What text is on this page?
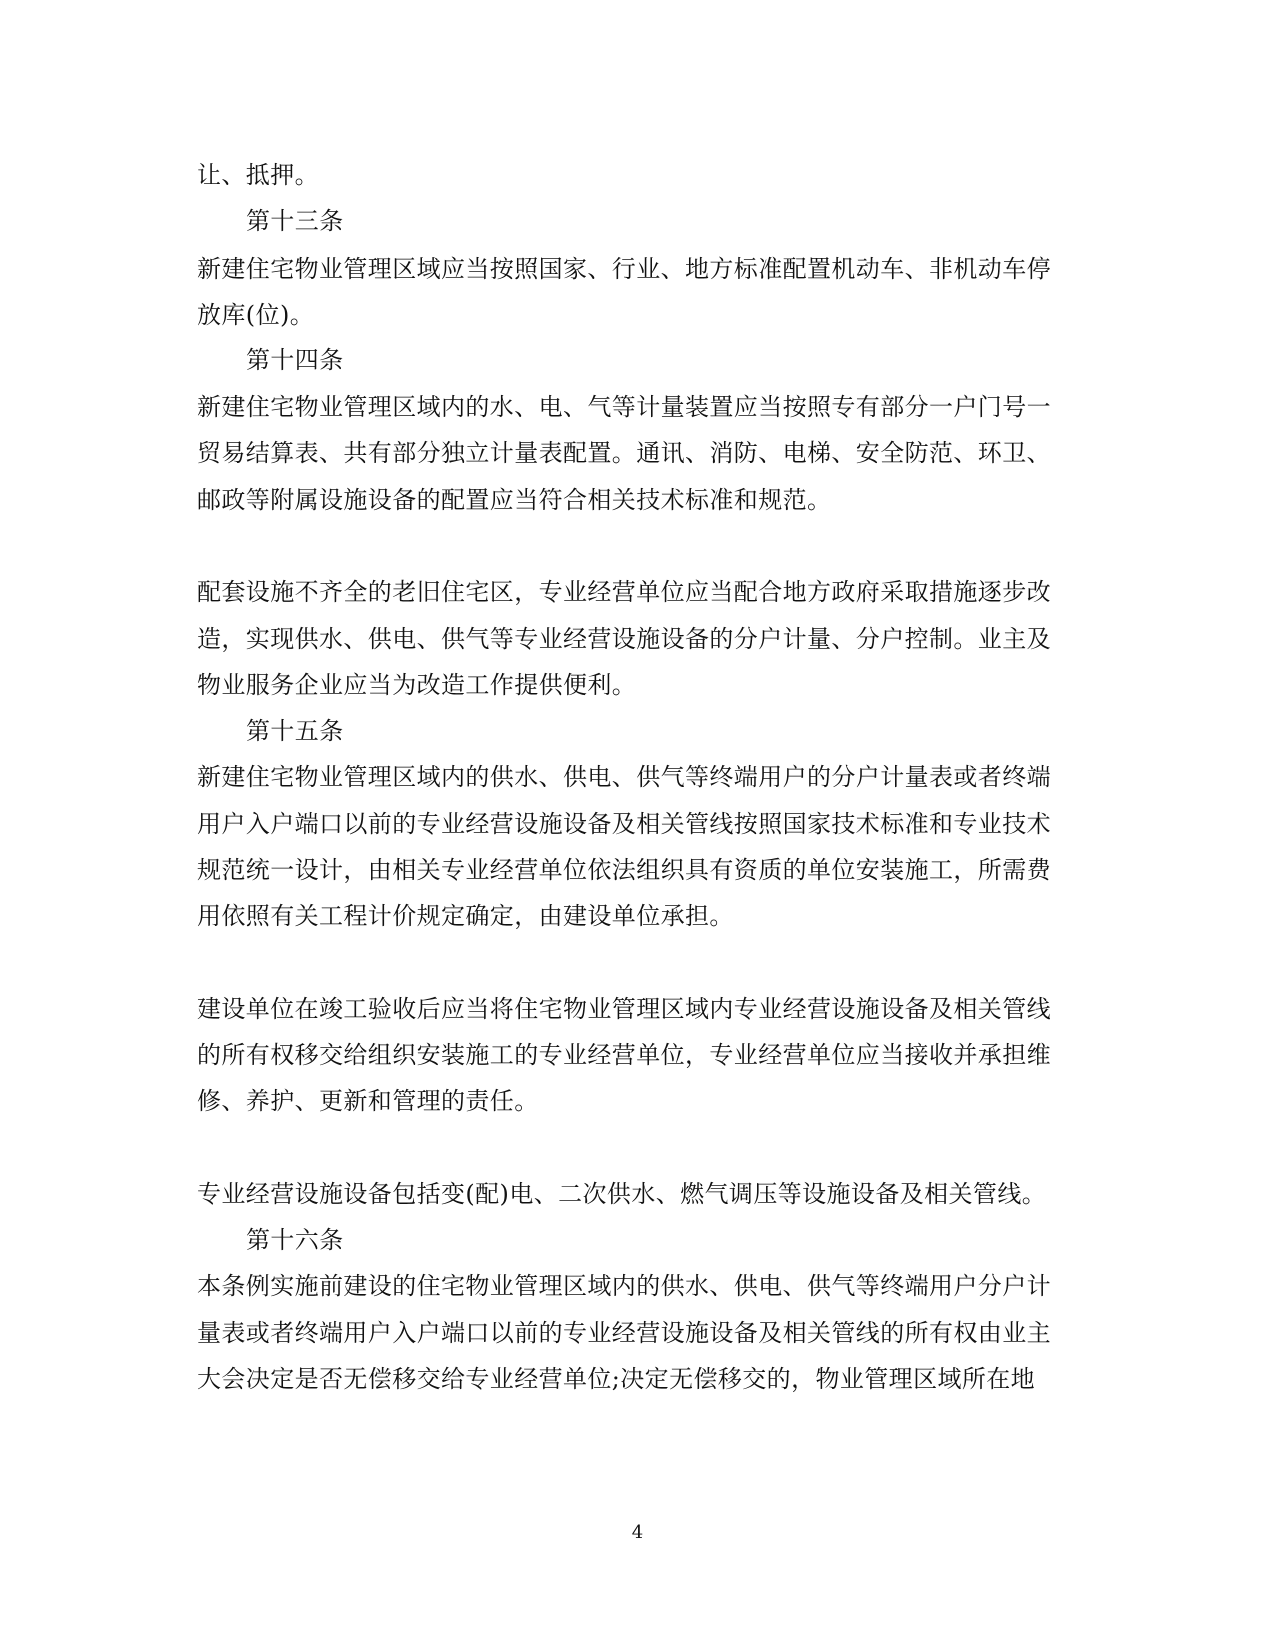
让、抵押。
第十三条
新建住宅物业管理区域应当按照国家、行业、地方标准配置机动车、非机动车停
放库(位)。
第十四条
新建住宅物业管理区域内的水、电、气等计量装置应当按照专有部分一户门号一
贸易结算表、共有部分独立计量表配置。通讯、消防、电梯、安全防范、环卫、
邮政等附属设施设备的配置应当符合相关技术标准和规范。
配套设施不齐全的老旧住宅区，专业经营单位应当配合地方政府采取措施逐步改
造，实现供水、供电、供气等专业经营设施设备的分户计量、分户控制。业主及
物业服务企业应当为改造工作提供便利。
第十五条
新建住宅物业管理区域内的供水、供电、供气等终端用户的分户计量表或者终端
用户入户端口以前的专业经营设施设备及相关管线按照国家技术标准和专业技术
规范统一设计，由相关专业经营单位依法组织具有资质的单位安装施工，所需费
用依照有关工程计价规定确定，由建设单位承担。
建设单位在竣工验收后应当将住宅物业管理区域内专业经营设施设备及相关管线
的所有权移交给组织安装施工的专业经营单位，专业经营单位应当接收并承担维
修、养护、更新和管理的责任。
专业经营设施设备包括变(配)电、二次供水、燃气调压等设施设备及相关管线。
第十六条
本条例实施前建设的住宅物业管理区域内的供水、供电、供气等终端用户分户计
量表或者终端用户入户端口以前的专业经营设施设备及相关管线的所有权由业主
大会决定是否无偿移交给专业经营单位;决定无偿移交的，物业管理区域所在地
4
